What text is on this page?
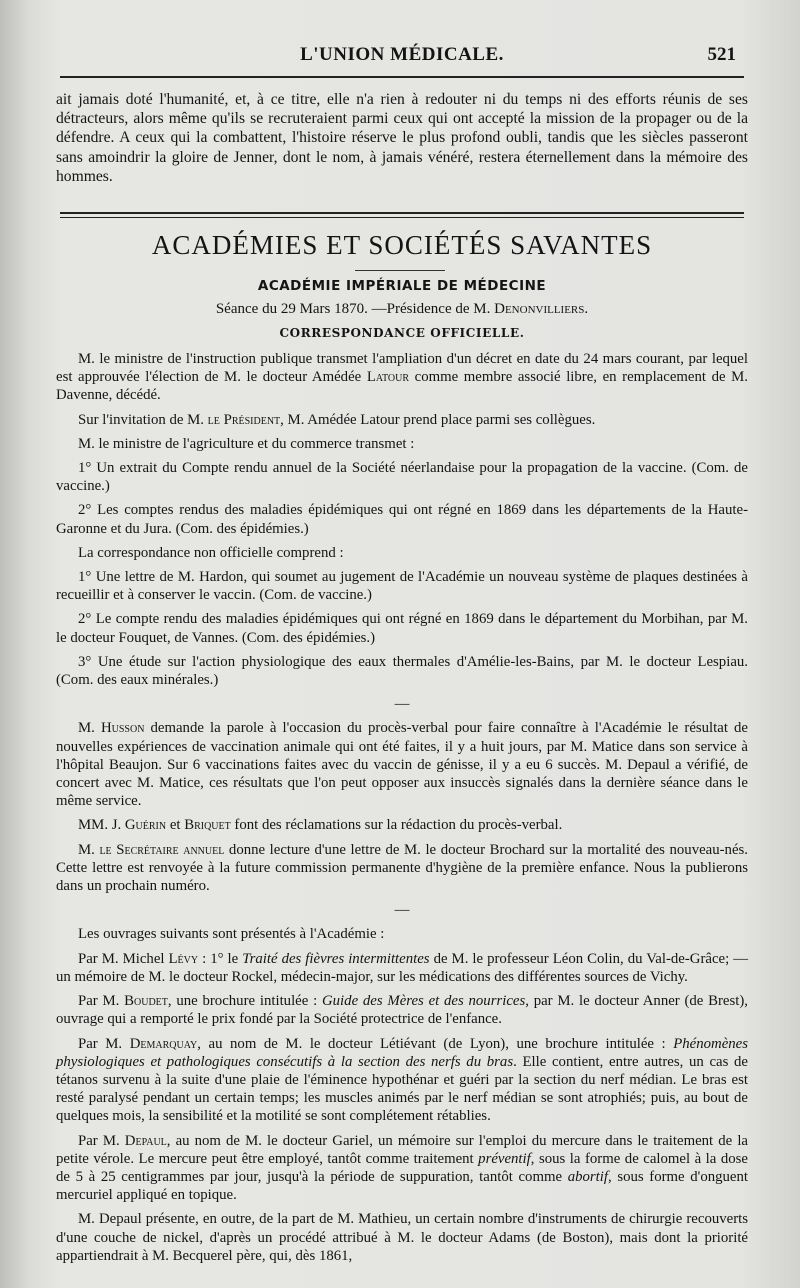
L'UNION MÉDICALE.	521

ait jamais doté l'humanité, et, à ce titre, elle n'a rien à redouter ni du temps ni des efforts réunis de ses détracteurs, alors même qu'ils se recruteraient parmi ceux qui ont accepté la mission de la propager ou de la défendre. A ceux qui la combattent, l'histoire réserve le plus profond oubli, tandis que les siècles passeront sans amoindrir la gloire de Jenner, dont le nom, à jamais vénéré, restera éternellement dans la mémoire des hommes.

ACADÉMIES ET SOCIÉTÉS SAVANTES
ACADÉMIE IMPÉRIALE DE MÉDECINE
Séance du 29 Mars 1870. —Présidence de M. Denonvilliers.
CORRESPONDANCE OFFICIELLE.

M. le ministre de l'instruction publique transmet l'ampliation d'un décret en date du 24 mars courant, par lequel est approuvée l'élection de M. le docteur Amédée Latour comme membre associé libre, en remplacement de M. Davenne, décédé.

Sur l'invitation de M. le Président, M. Amédée Latour prend place parmi ses collègues.

M. le ministre de l'agriculture et du commerce transmet :

1° Un extrait du Compte rendu annuel de la Société néerlandaise pour la propagation de la vaccine. (Com. de vaccine.)

2° Les comptes rendus des maladies épidémiques qui ont régné en 1869 dans les départements de la Haute-Garonne et du Jura. (Com. des épidémies.)

La correspondance non officielle comprend :

1° Une lettre de M. Hardon, qui soumet au jugement de l'Académie un nouveau système de plaques destinées à recueillir et à conserver le vaccin. (Com. de vaccine.)

2° Le compte rendu des maladies épidémiques qui ont régné en 1869 dans le département du Morbihan, par M. le docteur Fouquet, de Vannes. (Com. des épidémies.)

3° Une étude sur l'action physiologique des eaux thermales d'Amélie-les-Bains, par M. le docteur Lespiau. (Com. des eaux minérales.)

—

M. Husson demande la parole à l'occasion du procès-verbal pour faire connaître à l'Académie le résultat de nouvelles expériences de vaccination animale qui ont été faites, il y a huit jours, par M. Matice dans son service à l'hôpital Beaujon. Sur 6 vaccinations faites avec du vaccin de génisse, il y a eu 6 succès. M. Depaul a vérifié, de concert avec M. Matice, ces résultats que l'on peut opposer aux insuccès signalés dans la dernière séance dans le même service.

MM. J. Guérin et Briquet font des réclamations sur la rédaction du procès-verbal.

M. le Secrétaire annuel donne lecture d'une lettre de M. le docteur Brochard sur la mortalité des nouveau-nés. Cette lettre est renvoyée à la future commission permanente d'hygiène de la première enfance. Nous la publierons dans un prochain numéro.

—

Les ouvrages suivants sont présentés à l'Académie :

Par M. Michel Lévy : 1° le Traité des fièvres intermittentes de M. le professeur Léon Colin, du Val-de-Grâce; — un mémoire de M. le docteur Rockel, médecin-major, sur les médications des différentes sources de Vichy.

Par M. Boudet, une brochure intitulée : Guide des Mères et des nourrices, par M. le docteur Anner (de Brest), ouvrage qui a remporté le prix fondé par la Société protectrice de l'enfance.

Par M. Demarquay, au nom de M. le docteur Létiévant (de Lyon), une brochure intitulée : Phénomènes physiologiques et pathologiques consécutifs à la section des nerfs du bras. Elle contient, entre autres, un cas de tétanos survenu à la suite d'une plaie de l'éminence hypothénar et guéri par la section du nerf médian. Le bras est resté paralysé pendant un certain temps; les muscles animés par le nerf médian se sont atrophiés; puis, au bout de quelques mois, la sensibilité et la motilité se sont complétement rétablies.

Par M. Depaul, au nom de M. le docteur Gariel, un mémoire sur l'emploi du mercure dans le traitement de la petite vérole. Le mercure peut être employé, tantôt comme traitement préventif, sous la forme de calomel à la dose de 5 à 25 centigrammes par jour, jusqu'à la période de suppuration, tantôt comme abortif, sous forme d'onguent mercuriel appliqué en topique.

M. Depaul présente, en outre, de la part de M. Mathieu, un certain nombre d'instruments de chirurgie recouverts d'une couche de nickel, d'après un procédé attribué à M. le docteur Adams (de Boston), mais dont la priorité appartiendrait à M. Becquerel père, qui, dès 1861,
